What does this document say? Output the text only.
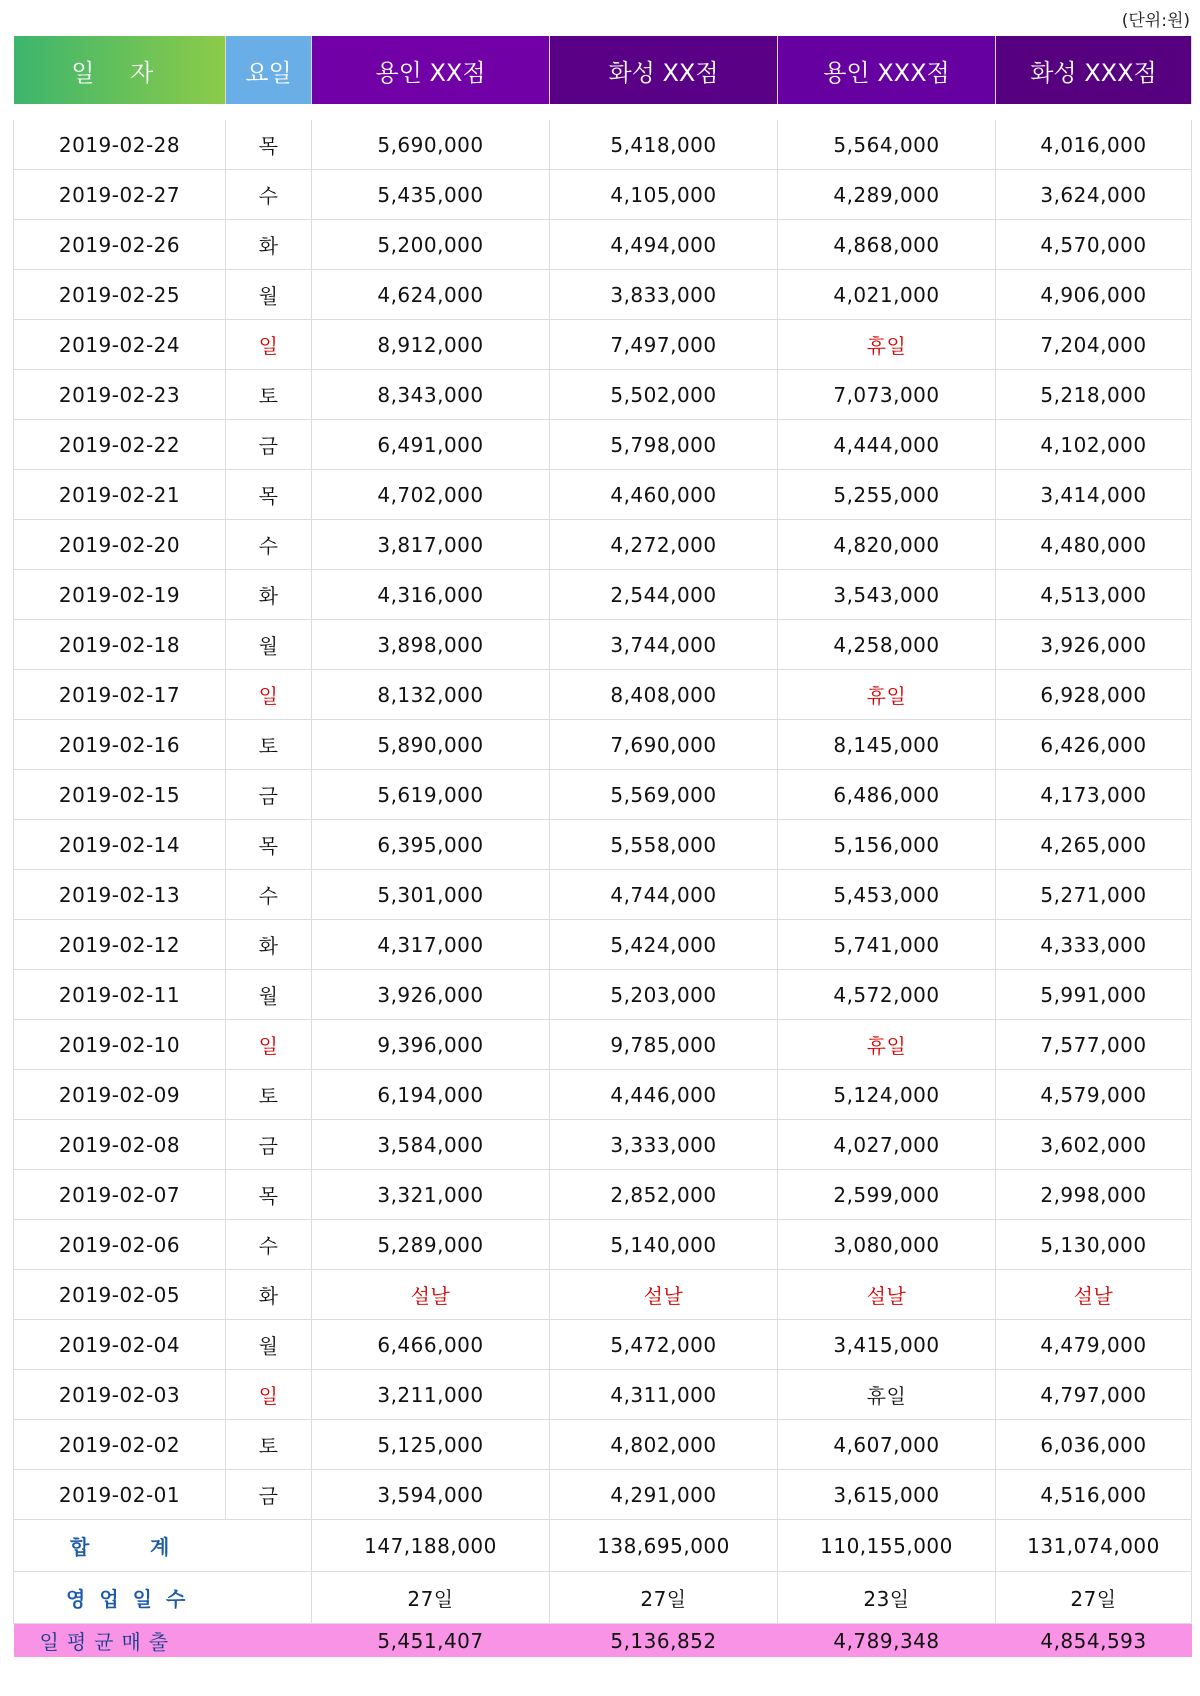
(단위:원)
일 자	요일	용인 XX점	화성 XX점	용인 XXX점	화성 XXX점

2019-02-28	목	5,690,000	5,418,000	5,564,000	4,016,000
2019-02-27	수	5,435,000	4,105,000	4,289,000	3,624,000
2019-02-26	화	5,200,000	4,494,000	4,868,000	4,570,000
2019-02-25	월	4,624,000	3,833,000	4,021,000	4,906,000
2019-02-24	일	8,912,000	7,497,000	휴일	7,204,000
2019-02-23	토	8,343,000	5,502,000	7,073,000	5,218,000
2019-02-22	금	6,491,000	5,798,000	4,444,000	4,102,000
2019-02-21	목	4,702,000	4,460,000	5,255,000	3,414,000
2019-02-20	수	3,817,000	4,272,000	4,820,000	4,480,000
2019-02-19	화	4,316,000	2,544,000	3,543,000	4,513,000
2019-02-18	월	3,898,000	3,744,000	4,258,000	3,926,000
2019-02-17	일	8,132,000	8,408,000	휴일	6,928,000
2019-02-16	토	5,890,000	7,690,000	8,145,000	6,426,000
2019-02-15	금	5,619,000	5,569,000	6,486,000	4,173,000
2019-02-14	목	6,395,000	5,558,000	5,156,000	4,265,000
2019-02-13	수	5,301,000	4,744,000	5,453,000	5,271,000
2019-02-12	화	4,317,000	5,424,000	5,741,000	4,333,000
2019-02-11	월	3,926,000	5,203,000	4,572,000	5,991,000
2019-02-10	일	9,396,000	9,785,000	휴일	7,577,000
2019-02-09	토	6,194,000	4,446,000	5,124,000	4,579,000
2019-02-08	금	3,584,000	3,333,000	4,027,000	3,602,000
2019-02-07	목	3,321,000	2,852,000	2,599,000	2,998,000
2019-02-06	수	5,289,000	5,140,000	3,080,000	5,130,000
2019-02-05	화	설날	설날	설날	설날
2019-02-04	월	6,466,000	5,472,000	3,415,000	4,479,000
2019-02-03	일	3,211,000	4,311,000	휴일	4,797,000
2019-02-02	토	5,125,000	4,802,000	4,607,000	6,036,000
2019-02-01	금	3,594,000	4,291,000	3,615,000	4,516,000
합 계		147,188,000	138,695,000	110,155,000	131,074,000
영업일수		27일	27일	23일	27일
일평균매출		5,451,407	5,136,852	4,789,348	4,854,593
